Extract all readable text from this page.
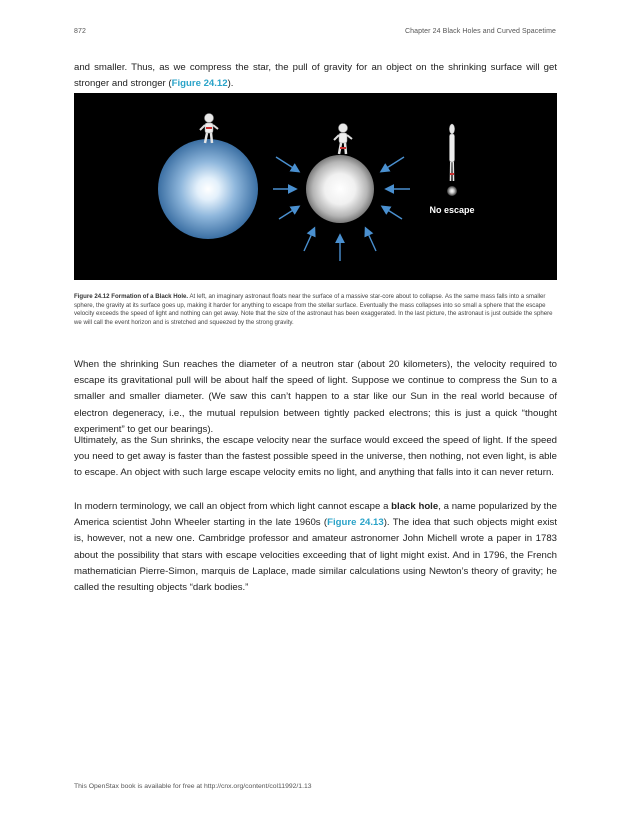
872	Chapter 24 Black Holes and Curved Spacetime

and smaller. Thus, as we compress the star, the pull of gravity for an object on the shrinking surface will get stronger and stronger (Figure 24.12).

No escape

Figure 24.12 Formation of a Black Hole. At left, an imaginary astronaut floats near the surface of a massive star-core about to collapse. As the same mass falls into a smaller sphere, the gravity at its surface goes up, making it harder for anything to escape from the stellar surface. Eventually the mass collapses into so small a sphere that the escape velocity exceeds the speed of light and nothing can get away. Note that the size of the astronaut has been exaggerated. In the last picture, the astronaut is just outside the sphere we will call the event horizon and is stretched and squeezed by the strong gravity.

When the shrinking Sun reaches the diameter of a neutron star (about 20 kilometers), the velocity required to escape its gravitational pull will be about half the speed of light. Suppose we continue to compress the Sun to a smaller and smaller diameter. (We saw this can’t happen to a star like our Sun in the real world because of electron degeneracy, i.e., the mutual repulsion between tightly packed electrons; this is just a quick “thought experiment” to get our bearings).

Ultimately, as the Sun shrinks, the escape velocity near the surface would exceed the speed of light. If the speed you need to get away is faster than the fastest possible speed in the universe, then nothing, not even light, is able to escape. An object with such large escape velocity emits no light, and anything that falls into it can never return.

In modern terminology, we call an object from which light cannot escape a black hole, a name popularized by the America scientist John Wheeler starting in the late 1960s (Figure 24.13). The idea that such objects might exist is, however, not a new one. Cambridge professor and amateur astronomer John Michell wrote a paper in 1783 about the possibility that stars with escape velocities exceeding that of light might exist. And in 1796, the French mathematician Pierre-Simon, marquis de Laplace, made similar calculations using Newton’s theory of gravity; he called the resulting objects “dark bodies.”

This OpenStax book is available for free at http://cnx.org/content/col11992/1.13
